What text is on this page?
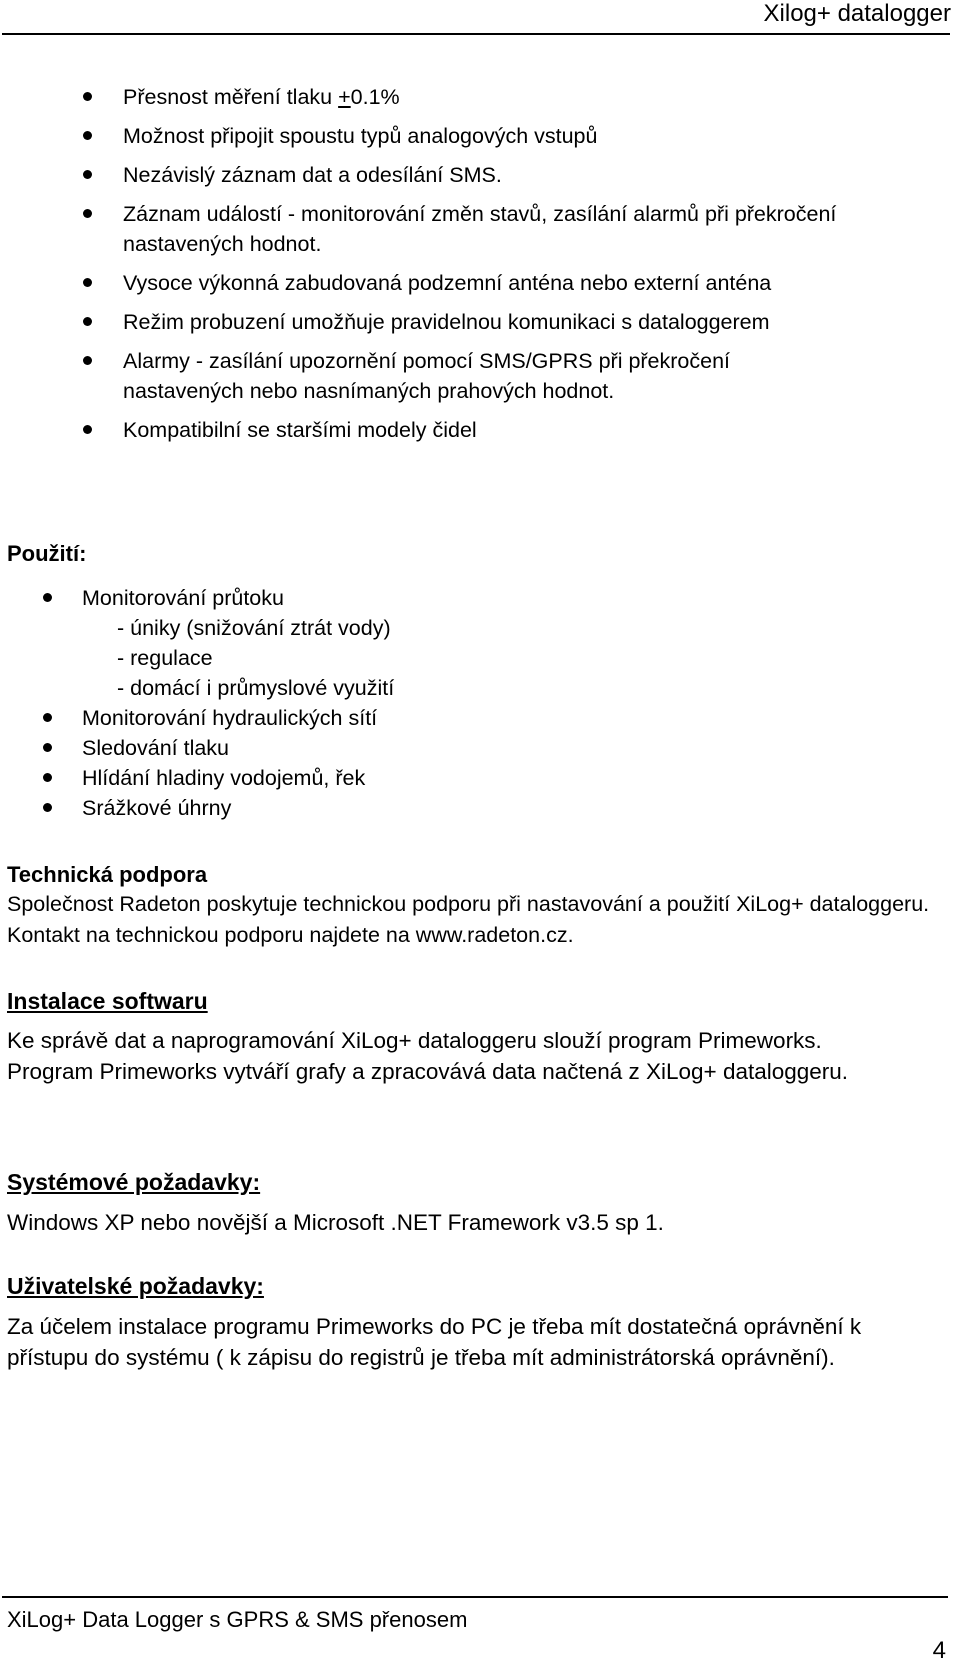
Xilog+ datalogger
Přesnost měření tlaku +0.1%
Možnost připojit spoustu typů analogových vstupů
Nezávislý záznam dat a odesílání SMS.
Záznam událostí - monitorování změn stavů, zasílání alarmů při překročení nastavených hodnot.
Vysoce výkonná zabudovaná podzemní anténa nebo externí anténa
Režim probuzení umožňuje pravidelnou komunikaci s dataloggerem
Alarmy - zasílání upozornění pomocí SMS/GPRS při překročení nastavených nebo nasnímaných prahových hodnot.
Kompatibilní se staršími modely čidel
Použití:
Monitorování průtoku
- úniky (snižování ztrát vody)
- regulace
- domácí i průmyslové využití
Monitorování hydraulických sítí
Sledování tlaku
Hlídání hladiny vodojemů, řek
Srážkové úhrny
Technická podpora
Společnost Radeton poskytuje technickou podporu při nastavování a použití XiLog+ dataloggeru. Kontakt na technickou podporu najdete na www.radeton.cz.
Instalace softwaru
Ke správě dat a naprogramování XiLog+ dataloggeru slouží program Primeworks. Program Primeworks vytváří grafy a zpracovává data načtená z XiLog+ dataloggeru.
Systémové požadavky:
Windows XP nebo novější a Microsoft .NET Framework v3.5 sp 1.
Uživatelské požadavky:
Za účelem instalace programu Primeworks do PC je třeba mít dostatečná oprávnění k přístupu do systému ( k zápisu do registrů je třeba mít administrátorská oprávnění).
XiLog+ Data Logger s GPRS & SMS přenosem
4
